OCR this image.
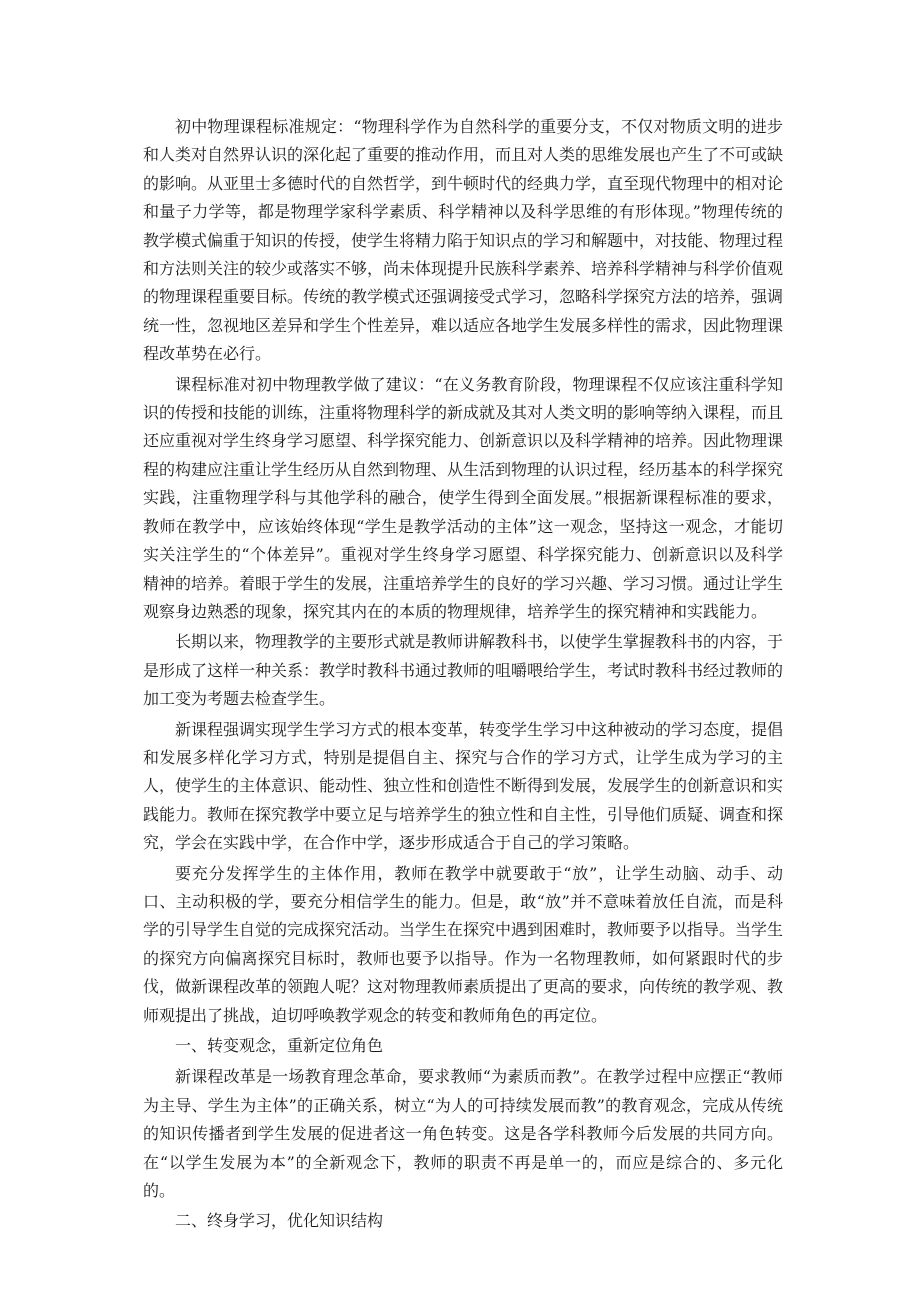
初中物理课程标准规定：“物理科学作为自然科学的重要分支，不仅对物质文明的进步和人类对自然界认识的深化起了重要的推动作用，而且对人类的思维发展也产生了不可或缺的影响。从亚里士多德时代的自然哲学，到牛顿时代的经典力学，直至现代物理中的相对论和量子力学等，都是物理学家科学素质、科学精神以及科学思维的有形体现。”物理传统的教学模式偏重于知识的传授，使学生将精力陷于知识点的学习和解题中，对技能、物理过程和方法则关注的较少或落实不够，尚未体现提升民族科学素养、培养科学精神与科学价值观的物理课程重要目标。传统的教学模式还强调接受式学习，忽略科学探究方法的培养，强调统一性，忽视地区差异和学生个性差异，难以适应各地学生发展多样性的需求，因此物理课程改革势在必行。

课程标准对初中物理教学做了建议：“在义务教育阶段，物理课程不仅应该注重科学知识的传授和技能的训练，注重将物理科学的新成就及其对人类文明的影响等纳入课程，而且还应重视对学生终身学习愿望、科学探究能力、创新意识以及科学精神的培养。因此物理课程的构建应注重让学生经历从自然到物理、从生活到物理的认识过程，经历基本的科学探究实践，注重物理学科与其他学科的融合，使学生得到全面发展。”根据新课程标准的要求，教师在教学中，应该始终体现“学生是教学活动的主体”这一观念，坚持这一观念，才能切实关注学生的“个体差异”。重视对学生终身学习愿望、科学探究能力、创新意识以及科学精神的培养。着眼于学生的发展，注重培养学生的良好的学习兴趣、学习习惯。通过让学生观察身边熟悉的现象，探究其内在的本质的物理规律，培养学生的探究精神和实践能力。

长期以来，物理教学的主要形式就是教师讲解教科书，以使学生掌握教科书的内容，于是形成了这样一种关系：教学时教科书通过教师的咀嚼喂给学生，考试时教科书经过教师的加工变为考题去检查学生。

新课程强调实现学生学习方式的根本变革，转变学生学习中这种被动的学习态度，提倡和发展多样化学习方式，特别是提倡自主、探究与合作的学习方式，让学生成为学习的主人，使学生的主体意识、能动性、独立性和创造性不断得到发展，发展学生的创新意识和实践能力。教师在探究教学中要立足与培养学生的独立性和自主性，引导他们质疑、调查和探究，学会在实践中学，在合作中学，逐步形成适合于自己的学习策略。

要充分发挥学生的主体作用，教师在教学中就要敢于“放”，让学生动脑、动手、动口、主动积极的学，要充分相信学生的能力。但是，敢“放”并不意味着放任自流，而是科学的引导学生自觉的完成探究活动。当学生在探究中遇到困难时，教师要予以指导。当学生的探究方向偏离探究目标时，教师也要予以指导。作为一名物理教师，如何紧跟时代的步伐，做新课程改革的领跑人呢？这对物理教师素质提出了更高的要求，向传统的教学观、教师观提出了挑战，迫切呼唤教学观念的转变和教师角色的再定位。

一、转变观念，重新定位角色

新课程改革是一场教育理念革命，要求教师“为素质而教”。在教学过程中应摆正“教师为主导、学生为主体”的正确关系，树立“为人的可持续发展而教”的教育观念，完成从传统的知识传播者到学生发展的促进者这一角色转变。这是各学科教师今后发展的共同方向。在“以学生发展为本”的全新观念下，教师的职责不再是单一的，而应是综合的、多元化的。

二、终身学习，优化知识结构
